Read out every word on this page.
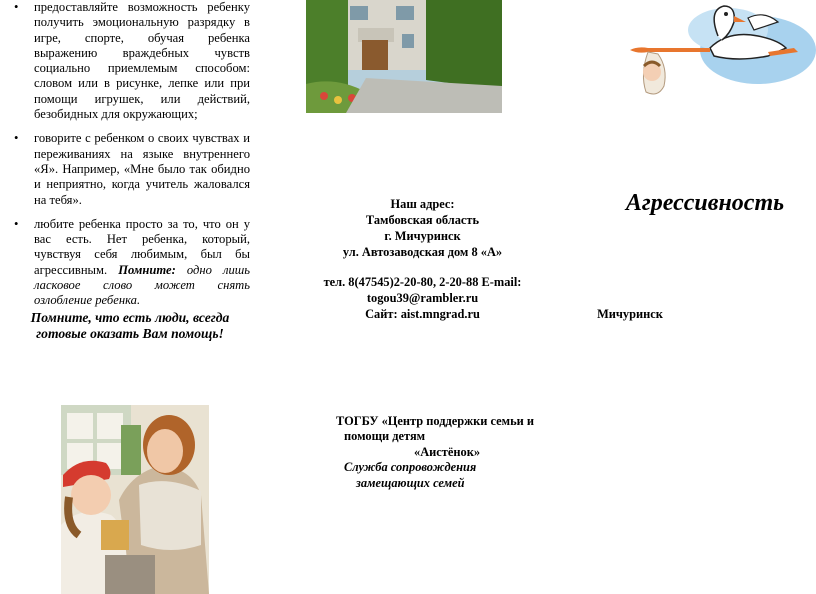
• предоставляйте возможность ребенку получить эмоциональную разрядку в игре, спорте, обучая ребенка выражению враждебных чувств социально приемлемым способом: словом или в рисунке, лепке или при помощи игрушек, или действий, безобидных для окружающих;
• говорите с ребенком о своих чувствах и переживаниях на языке внутреннего «Я». Например, «Мне было так обидно и неприятно, когда учитель жаловался на тебя».
• любите ребенка просто за то, что он у вас есть. Нет ребенка, который, чувствуя себя любимым, был бы агрессивным. Помните: одно лишь ласковое слово может снять озлобление ребенка.
Помните, что есть люди, всегда
готовые оказать Вам помощь!
Наш адрес:
Тамбовская область
г. Мичуринск
ул. Автозаводская дом 8 «А»
тел. 8(47545)2-20-80, 2-20-88 E-mail:
togou39@rambler.ru
Сайт: aist.mngrad.ru
ТОГБУ «Центр поддержки семьи и
помощи детям
«Аистёнок»
Служба сопровождения
замещающих семей
Агрессивность
Мичуринск
